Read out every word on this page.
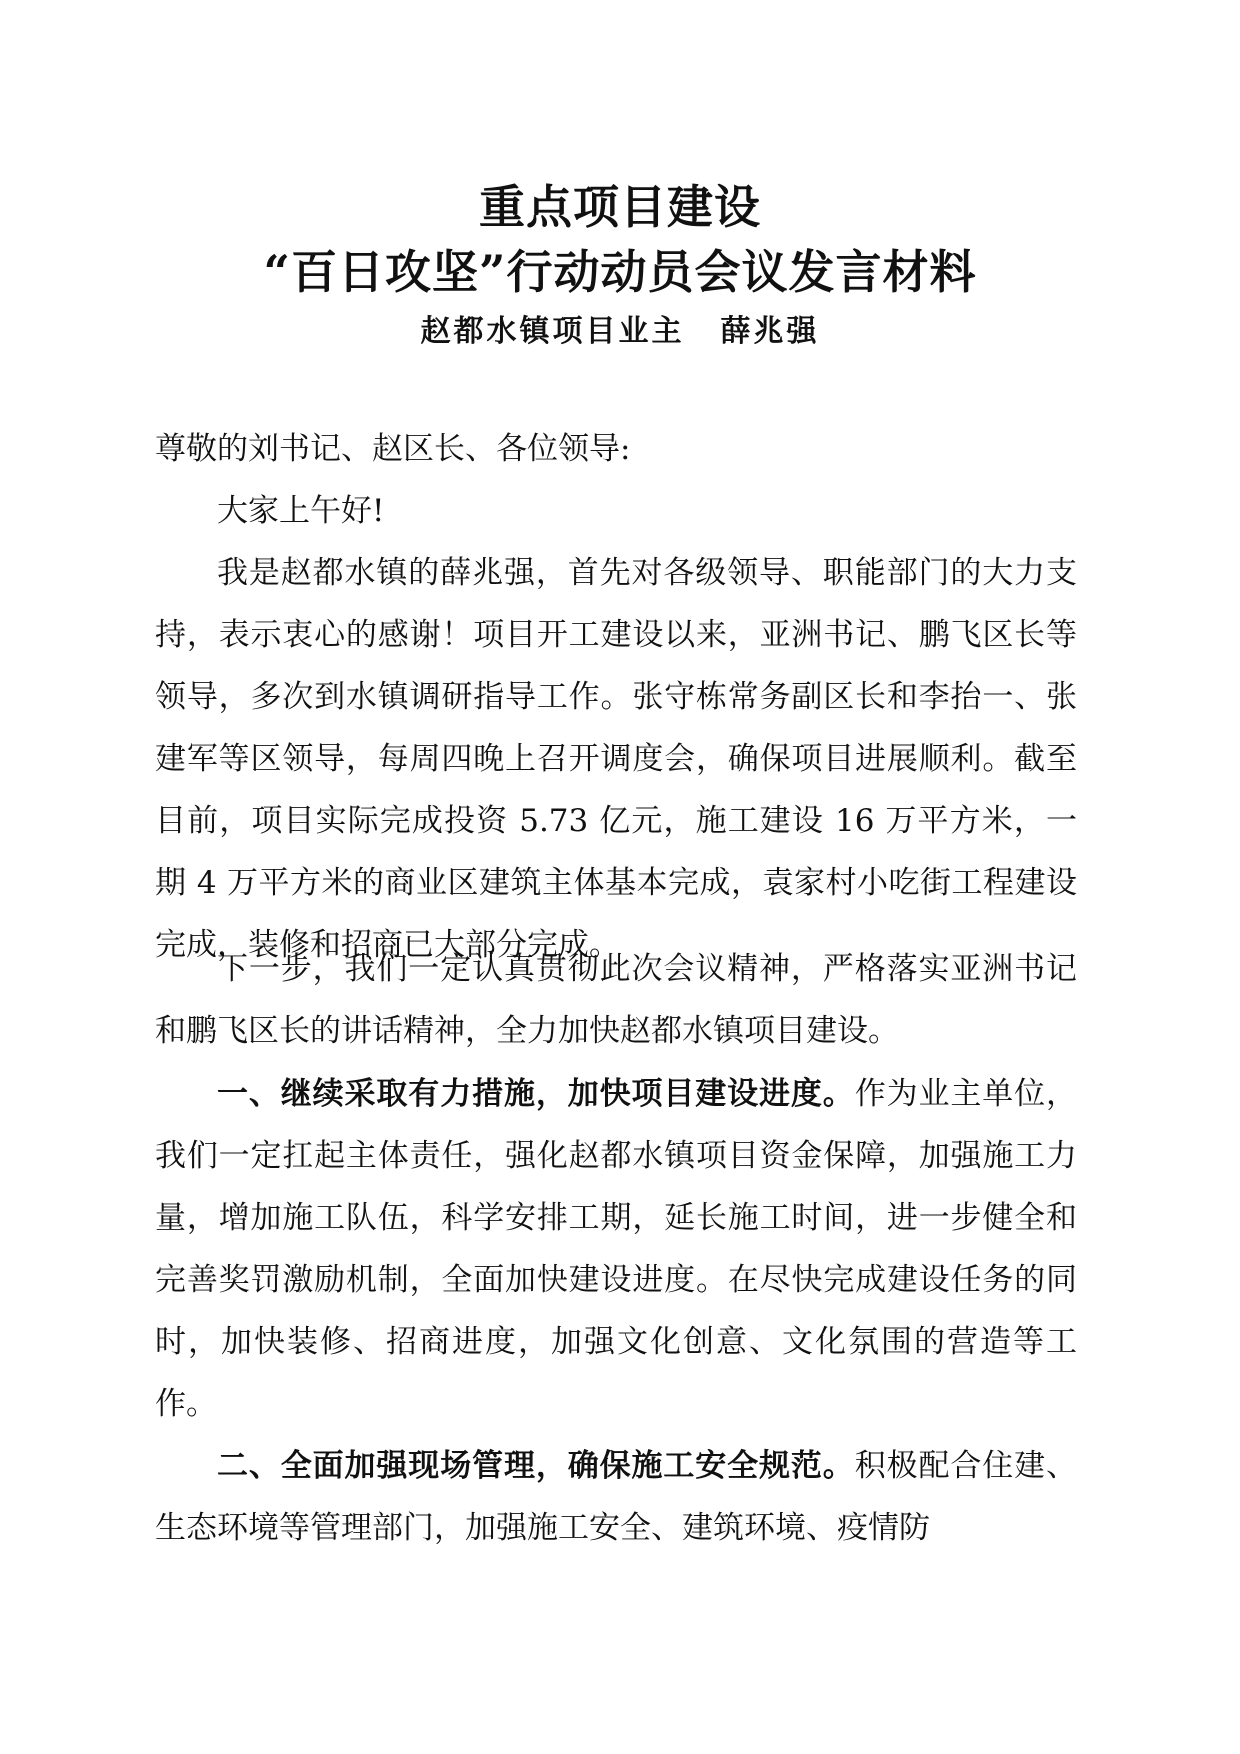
重点项目建设
“百日攻坚”行动动员会议发言材料
赵都水镇项目业主 薛兆强
尊敬的刘书记、赵区长、各位领导:
大家上午好!
我是赵都水镇的薛兆强，首先对各级领导、职能部门的大力支持，表示衷心的感谢！项目开工建设以来，亚洲书记、鹏飞区长等领导，多次到水镇调研指导工作。张守栋常务副区长和李抬一、张建军等区领导，每周四晚上召开调度会，确保项目进展顺利。截至目前，项目实际完成投资 5.73 亿元，施工建设 16 万平方米，一期 4 万平方米的商业区建筑主体基本完成，袁家村小吃街工程建设完成，装修和招商已大部分完成。
下一步，我们一定认真贯彻此次会议精神，严格落实亚洲书记和鹏飞区长的讲话精神，全力加快赵都水镇项目建设。
一、继续采取有力措施，加快项目建设进度。作为业主单位，我们一定扛起主体责任，强化赵都水镇项目资金保障，加强施工力量，增加施工队伍，科学安排工期，延长施工时间，进一步健全和完善奖罚激励机制，全面加快建设进度。在尽快完成建设任务的同时，加快装修、招商进度，加强文化创意、文化氛围的营造等工作。
二、全面加强现场管理，确保施工安全规范。积极配合住建、生态环境等管理部门，加强施工安全、建筑环境、疫情防
